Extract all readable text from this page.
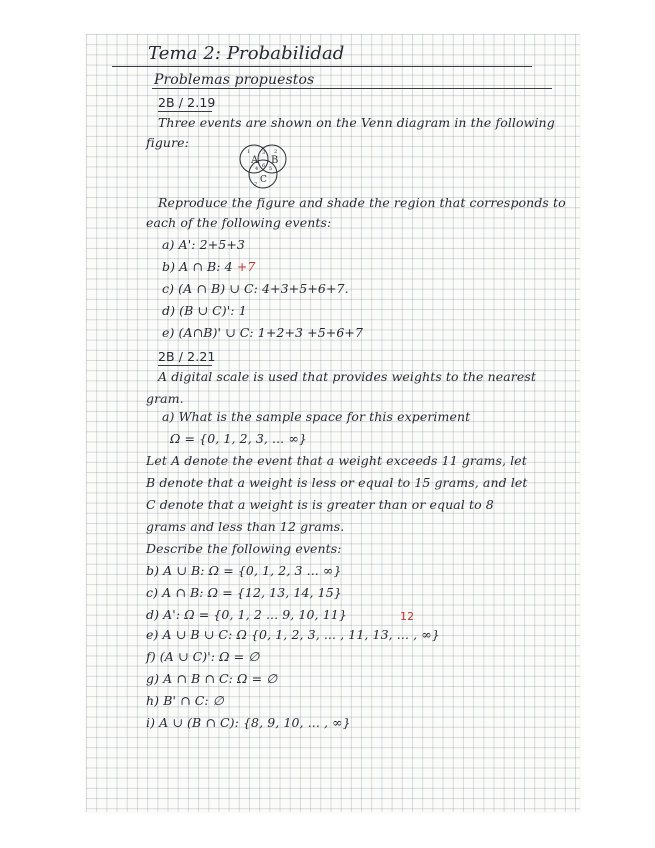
Tema 2: Probabilidad
Problemas propuestos
2B / 2.19
Three events are shown on the Venn diagram in the following
figure:
A B
C
1	2
3
4 5
6
7
Reproduce the figure and shade the region that corresponds to
each of the following events:
a) A': 2+5+3
b) A ∩ B: 4 +7
c) (A ∩ B) ∪ C: 4+3+5+6+7.
d) (B ∪ C)': 1
e) (A∩B)' ∪ C: 1+2+3 +5+6+7
2B / 2.21
A digital scale is used that provides weights to the nearest
gram.
a) What is the sample space for this experiment
Ω = {0, 1, 2, 3, ... ∞}
Let A denote the event that a weight exceeds 11 grams, let
B denote that a weight is less or equal to 15 grams, and let
C denote that a weight is is greater than or equal to 8
grams and less than 12 grams.
Describe the following events:
b) A ∪ B: Ω = {0, 1, 2, 3 ... ∞}
c) A ∩ B: Ω = {12, 13, 14, 15}
d) A': Ω = {0, 1, 2 ... 9, 10, 11}	12
e) A ∪ B ∪ C: Ω {0, 1, 2, 3, ... , 11, 13, ... , ∞}
f) (A ∪ C)': Ω = ∅
g) A ∩ B ∩ C: Ω = ∅
h) B' ∩ C: ∅
i) A ∪ (B ∩ C): {8, 9, 10, ... , ∞}
